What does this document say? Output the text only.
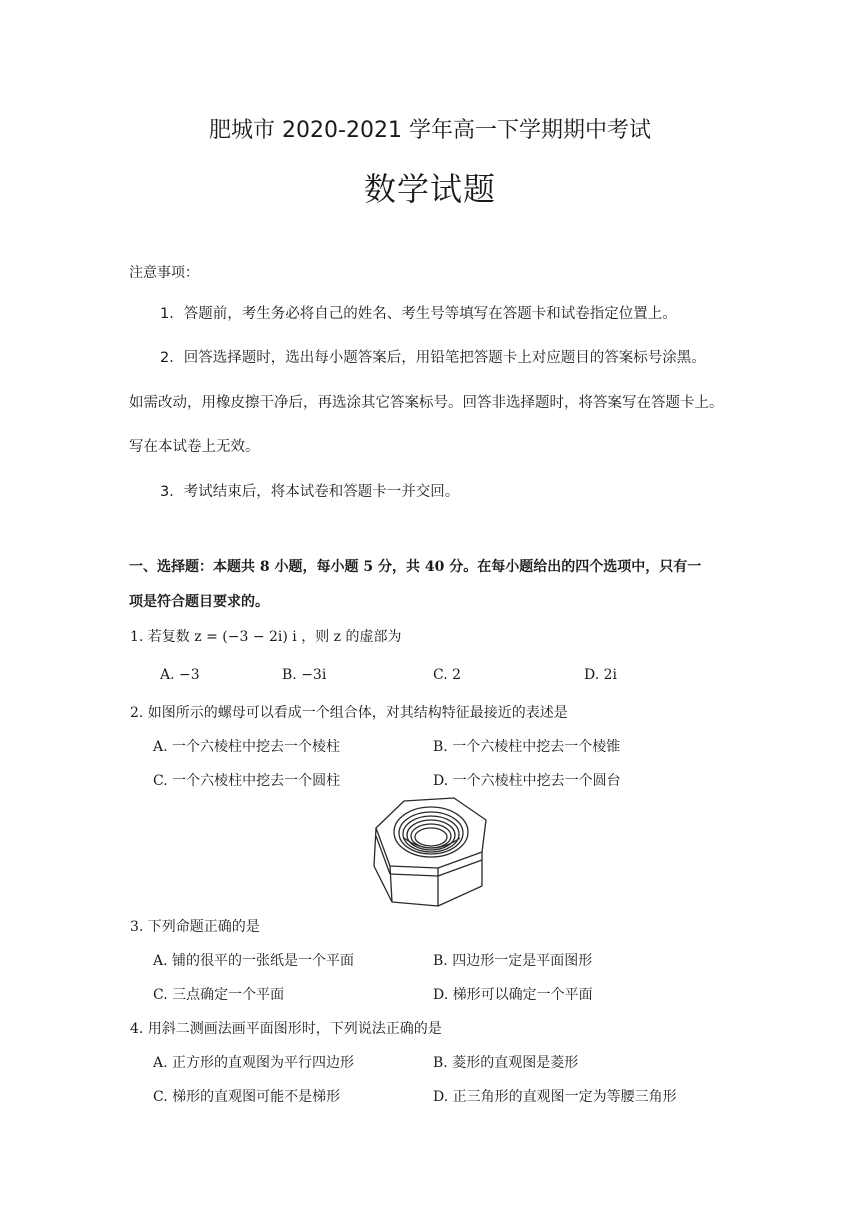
肥城市 2020-2021 学年高一下学期期中考试
数学试题
注意事项：
1．答题前，考生务必将自己的姓名、考生号等填写在答题卡和试卷指定位置上。
2．回答选择题时，选出每小题答案后，用铅笔把答题卡上对应题目的答案标号涂黑。
如需改动，用橡皮擦干净后，再选涂其它答案标号。回答非选择题时，将答案写在答题卡上。
写在本试卷上无效。
3．考试结束后，将本试卷和答题卡一并交回。
一、选择题：本题共 8 小题，每小题 5 分，共 40 分。在每小题给出的四个选项中，只有一
项是符合题目要求的。
1. 若复数 z = (−3 − 2i) i ，则 z 的虚部为
A. −3	B. −3i	C. 2	D. 2i
2. 如图所示的螺母可以看成一个组合体，对其结构特征最接近的表述是
A. 一个六棱柱中挖去一个棱柱	B. 一个六棱柱中挖去一个棱锥
C. 一个六棱柱中挖去一个圆柱	D. 一个六棱柱中挖去一个圆台
3. 下列命题正确的是
A. 铺的很平的一张纸是一个平面	B. 四边形一定是平面图形
C. 三点确定一个平面	D. 梯形可以确定一个平面
4. 用斜二测画法画平面图形时，下列说法正确的是
A. 正方形的直观图为平行四边形	B. 菱形的直观图是菱形
C. 梯形的直观图可能不是梯形	D. 正三角形的直观图一定为等腰三角形
